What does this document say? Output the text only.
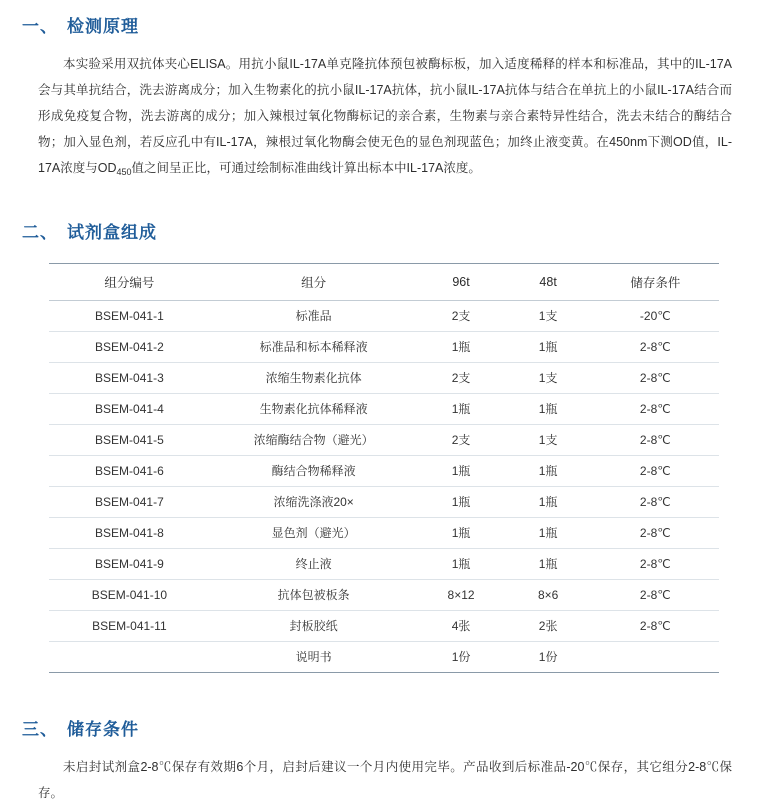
一、 检测原理

本实验采用双抗体夹心ELISA。用抗小鼠IL-17A单克隆抗体预包被酶标板，加入适度稀释的样本和标准品，其中的IL-17A会与其单抗结合，洗去游离成分；加入生物素化的抗小鼠IL-17A抗体，抗小鼠IL-17A抗体与结合在单抗上的小鼠IL-17A结合而形成免疫复合物，洗去游离的成分；加入辣根过氧化物酶标记的亲合素，生物素与亲合素特异性结合，洗去未结合的酶结合物；加入显色剂，若反应孔中有IL-17A，辣根过氧化物酶会使无色的显色剂现蓝色；加终止液变黄。在450nm下测OD值，IL-17A浓度与$OD_{450}$值之间呈正比，可通过绘制标准曲线计算出标本中IL-17A浓度。

二、 试剂盒组成
组分编号	组分	96t	48t	储存条件
BSEM-041-1	标准品	2支	1支	-20℃
BSEM-041-2	标准品和标本稀释液	1瓶	1瓶	2-8℃
BSEM-041-3	浓缩生物素化抗体	2支	1支	2-8℃
BSEM-041-4	生物素化抗体稀释液	1瓶	1瓶	2-8℃
BSEM-041-5	浓缩酶结合物（避光）	2支	1支	2-8℃
BSEM-041-6	酶结合物稀释液	1瓶	1瓶	2-8℃
BSEM-041-7	浓缩洗涤液20×	1瓶	1瓶	2-8℃
BSEM-041-8	显色剂（避光）	1瓶	1瓶	2-8℃
BSEM-041-9	终止液	1瓶	1瓶	2-8℃
BSEM-041-10	抗体包被板条	8×12	8×6	2-8℃
BSEM-041-11	封板胶纸	4张	2张	2-8℃
	说明书	1份	1份	
三、 储存条件

未启封试剂盒2-8℃保存有效期6个月，启封后建议一个月内使用完毕。产品收到后标准品-20℃保存，其它组分2-8℃保存。
